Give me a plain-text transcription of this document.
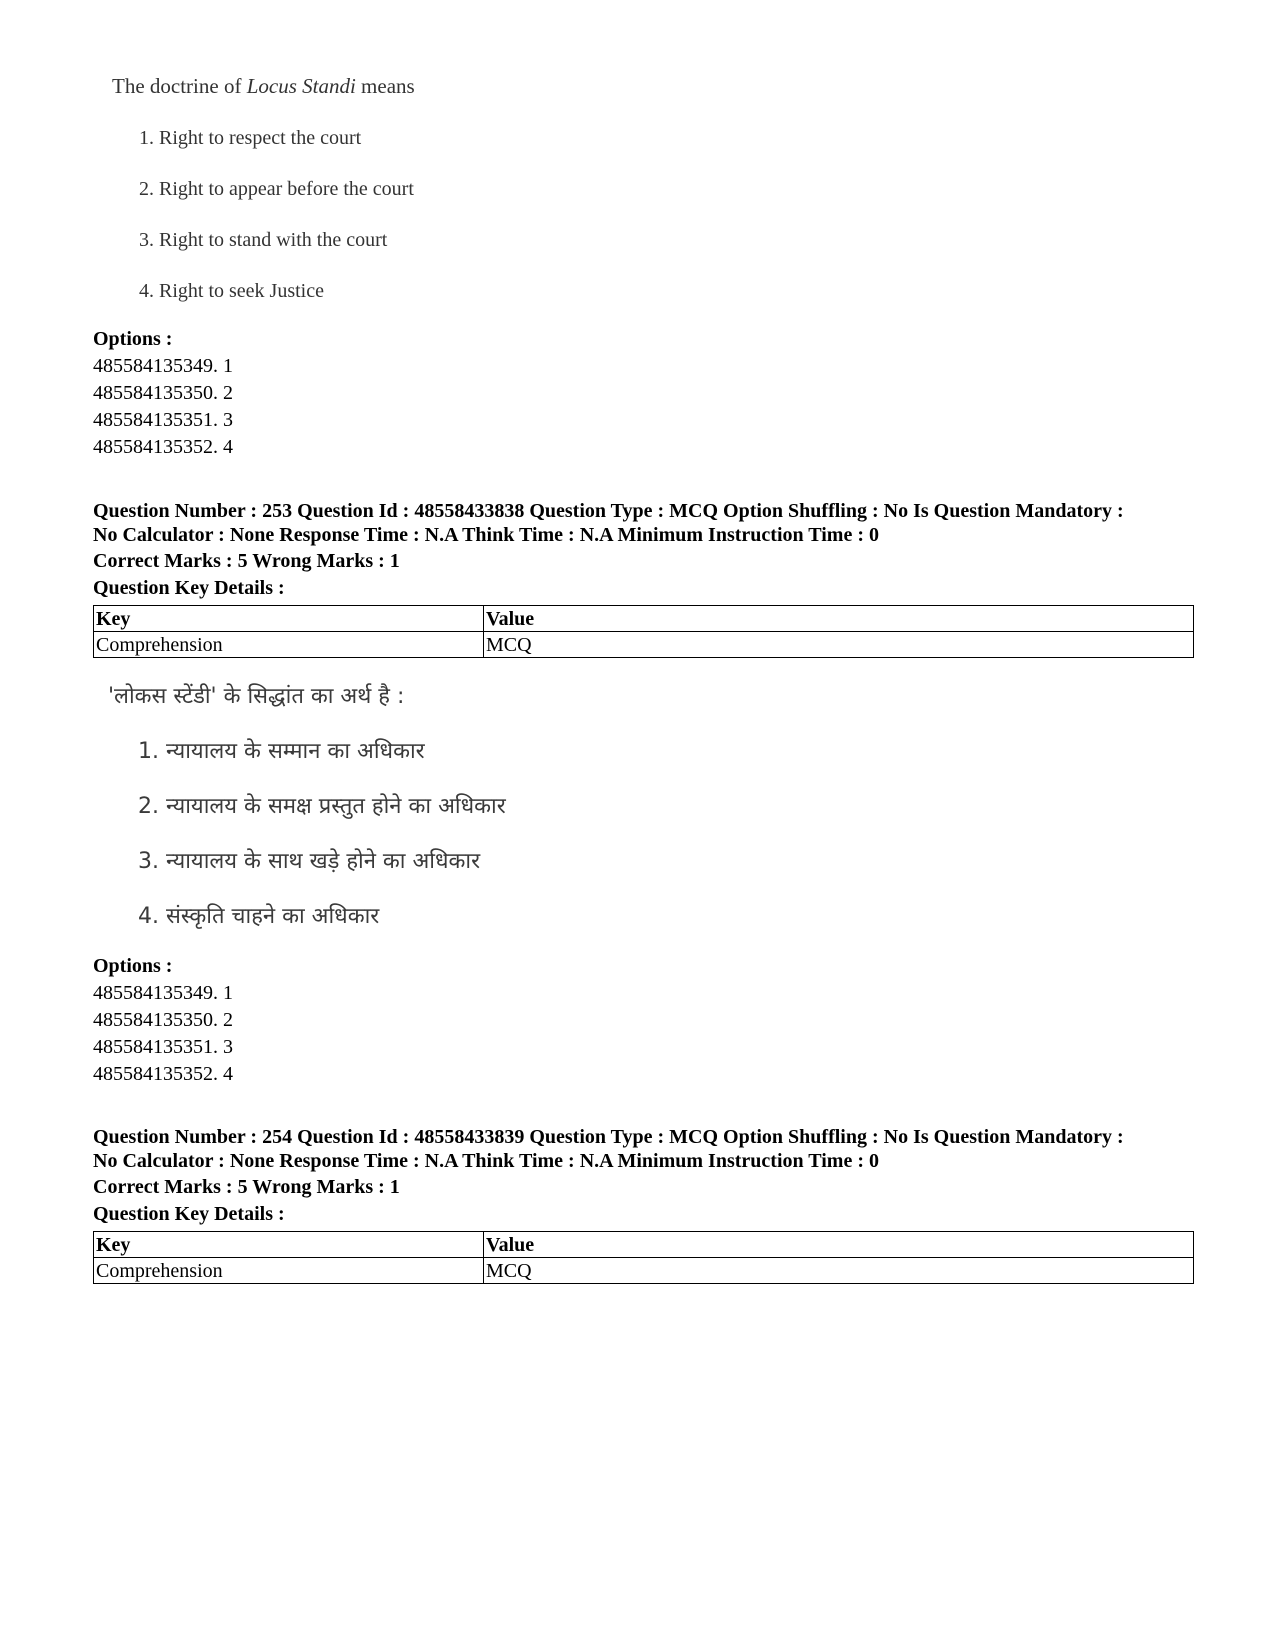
The doctrine of Locus Standi means
1. Right to respect the court
2. Right to appear before the court
3. Right to stand with the court
4. Right to seek Justice
Options :
485584135349. 1
485584135350. 2
485584135351. 3
485584135352. 4
Question Number : 253 Question Id : 48558433838 Question Type : MCQ Option Shuffling : No Is Question Mandatory :
No Calculator : None Response Time : N.A Think Time : N.A Minimum Instruction Time : 0
Correct Marks : 5 Wrong Marks : 1
Question Key Details :
Key	Value
Comprehension	MCQ
'लोकस स्टेंडी' के सिद्धांत का अर्थ है :
1. न्यायालय के सम्मान का अधिकार
2. न्यायालय के समक्ष प्रस्तुत होने का अधिकार
3. न्यायालय के साथ खड़े होने का अधिकार
4. संस्कृति चाहने का अधिकार
Options :
485584135349. 1
485584135350. 2
485584135351. 3
485584135352. 4
Question Number : 254 Question Id : 48558433839 Question Type : MCQ Option Shuffling : No Is Question Mandatory :
No Calculator : None Response Time : N.A Think Time : N.A Minimum Instruction Time : 0
Correct Marks : 5 Wrong Marks : 1
Question Key Details :
Key	Value
Comprehension	MCQ
